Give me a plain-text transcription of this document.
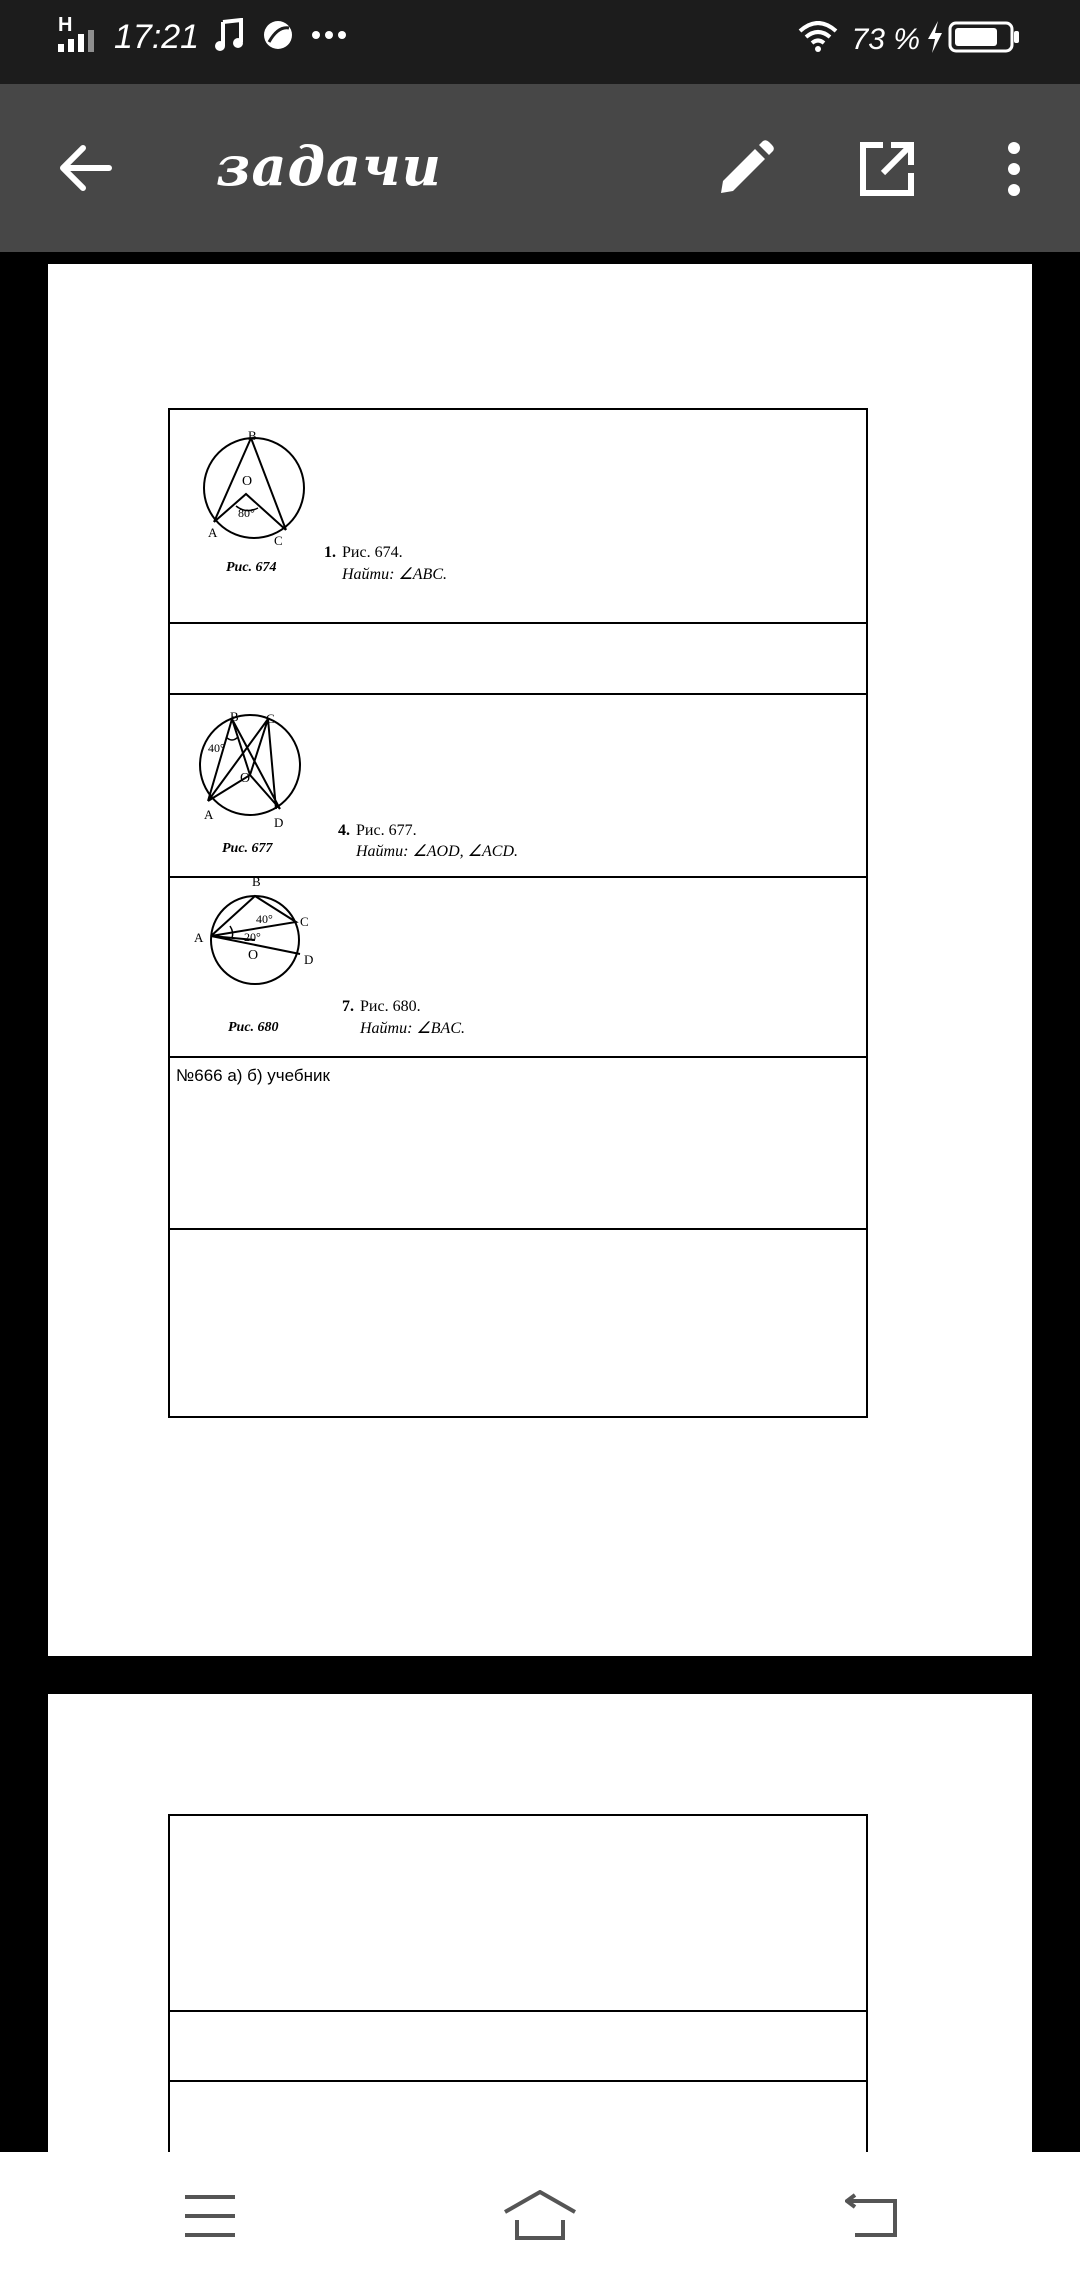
H 17:21	73 %
задачи
B
O
80°
A
C
Рис. 674
1. Рис. 674.
Найти: ∠ABC.
B C
40°
O
A
D
Рис. 677
4. Рис. 677.
Найти: ∠AOD, ∠ACD.
B
40° C
A	20°
O	D
Рис. 680
7. Рис. 680.
Найти: ∠BAC.
№666 а) б) учебник
